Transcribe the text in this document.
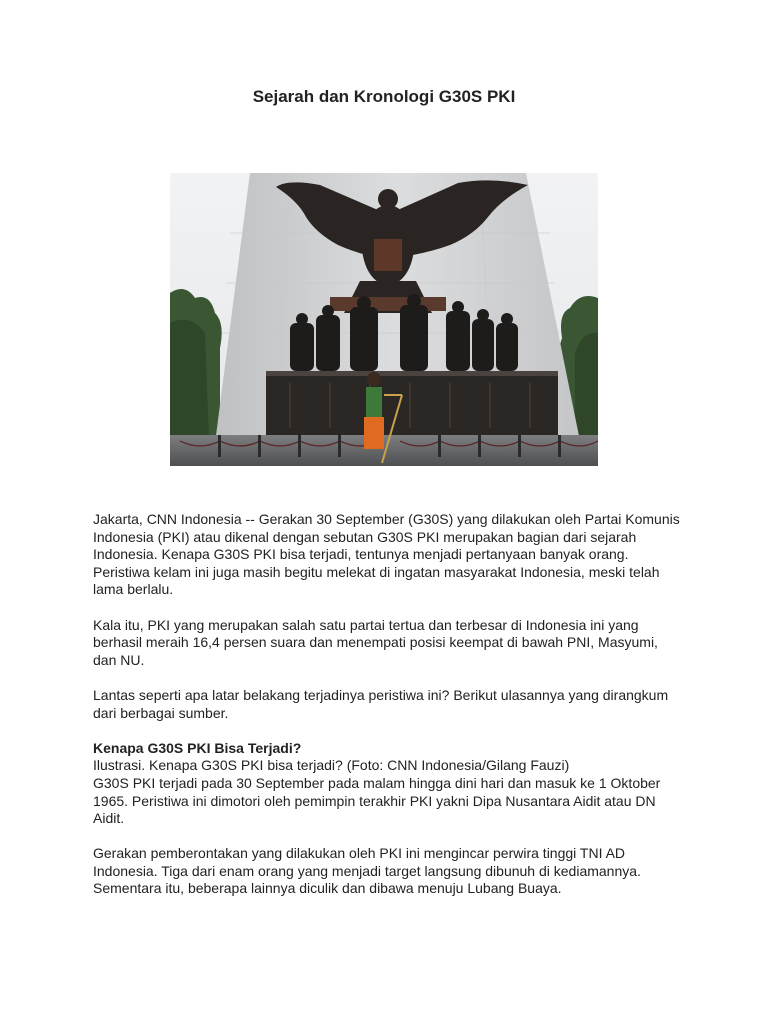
Sejarah dan Kronologi G30S PKI

Jakarta, CNN Indonesia -- Gerakan 30 September (G30S) yang dilakukan oleh Partai Komunis Indonesia (PKI) atau dikenal dengan sebutan G30S PKI merupakan bagian dari sejarah Indonesia. Kenapa G30S PKI bisa terjadi, tentunya menjadi pertanyaan banyak orang.

Peristiwa kelam ini juga masih begitu melekat di ingatan masyarakat Indonesia, meski telah lama berlalu.

Kala itu, PKI yang merupakan salah satu partai tertua dan terbesar di Indonesia ini yang berhasil meraih 16,4 persen suara dan menempati posisi keempat di bawah PNI, Masyumi, dan NU.

Lantas seperti apa latar belakang terjadinya peristiwa ini? Berikut ulasannya yang dirangkum dari berbagai sumber.

Kenapa G30S PKI Bisa Terjadi?

Ilustrasi. Kenapa G30S PKI bisa terjadi? (Foto: CNN Indonesia/Gilang Fauzi)

G30S PKI terjadi pada 30 September pada malam hingga dini hari dan masuk ke 1 Oktober 1965. Peristiwa ini dimotori oleh pemimpin terakhir PKI yakni Dipa Nusantara Aidit atau DN Aidit.

Gerakan pemberontakan yang dilakukan oleh PKI ini mengincar perwira tinggi TNI AD Indonesia. Tiga dari enam orang yang menjadi target langsung dibunuh di kediamannya. Sementara itu, beberapa lainnya diculik dan dibawa menuju Lubang Buaya.
